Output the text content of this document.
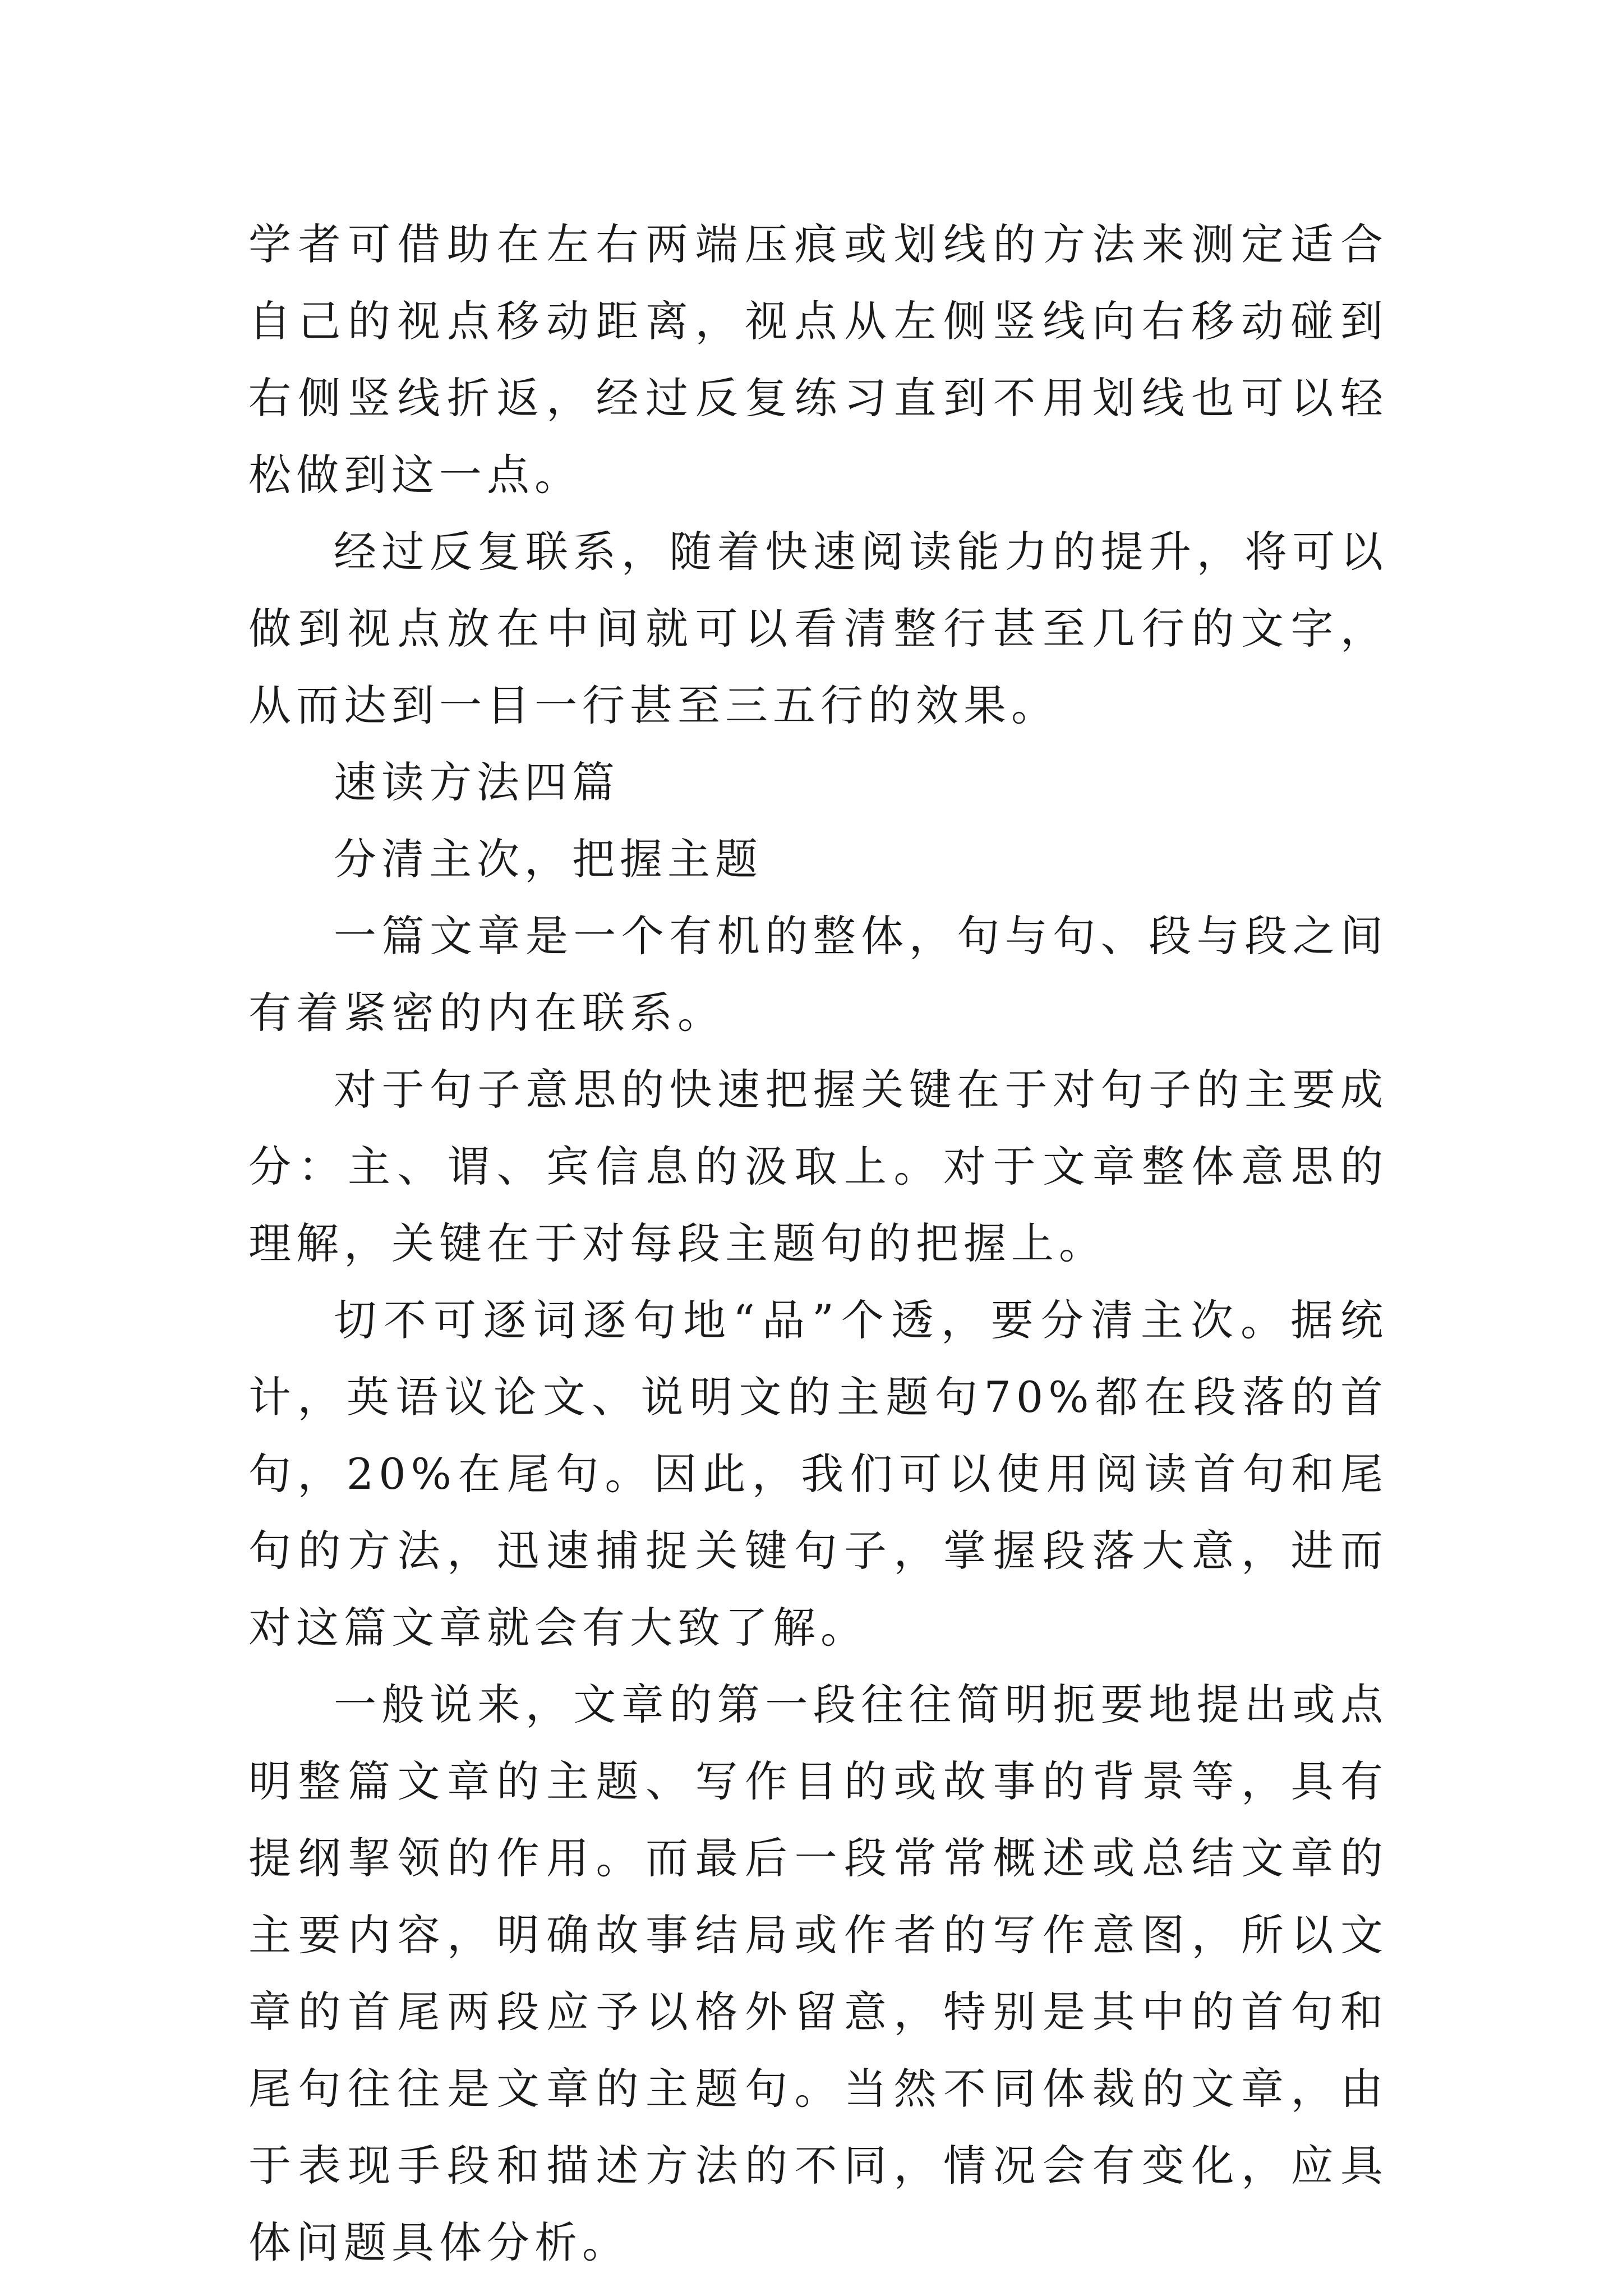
学者可借助在左右两端压痕或划线的方法来测定适合自己的视点移动距离，视点从左侧竖线向右移动碰到右侧竖线折返，经过反复练习直到不用划线也可以轻松做到这一点。

经过反复联系，随着快速阅读能力的提升，将可以做到视点放在中间就可以看清整行甚至几行的文字，从而达到一目一行甚至三五行的效果。

速读方法四篇

分清主次，把握主题

一篇文章是一个有机的整体，句与句、段与段之间有着紧密的内在联系。

对于句子意思的快速把握关键在于对句子的主要成分：主、谓、宾信息的汲取上。对于文章整体意思的理解，关键在于对每段主题句的把握上。

切不可逐词逐句地“品”个透，要分清主次。据统计，英语议论文、说明文的主题句70%都在段落的首句，20%在尾句。因此，我们可以使用阅读首句和尾句的方法，迅速捕捉关键句子，掌握段落大意，进而对这篇文章就会有大致了解。

一般说来，文章的第一段往往简明扼要地提出或点明整篇文章的主题、写作目的或故事的背景等，具有提纲挈领的作用。而最后一段常常概述或总结文章的主要内容，明确故事结局或作者的写作意图，所以文章的首尾两段应予以格外留意，特别是其中的首句和尾句往往是文章的主题句。当然不同体裁的文章，由于表现手段和描述方法的不同，情况会有变化，应具体问题具体分析。
